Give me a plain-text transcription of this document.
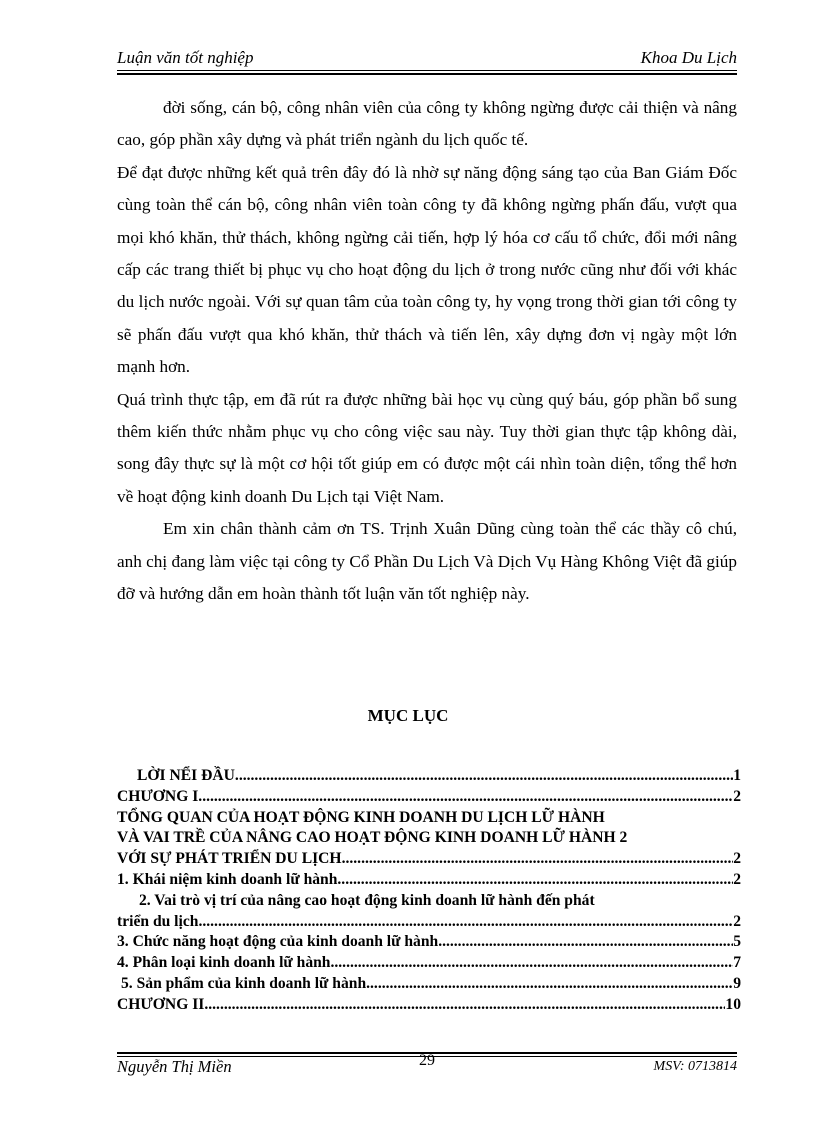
Luận văn tốt nghiệp	Khoa Du Lịch

đời sống, cán bộ, công nhân viên của công ty không ngừng được cải thiện và nâng cao, góp phần xây dựng và phát triển ngành du lịch quốc tế.

Để đạt được những kết quả trên đây đó là nhờ sự năng động sáng tạo của Ban Giám Đốc cùng toàn thể cán bộ, công nhân viên toàn công ty đã không ngừng phấn đấu, vượt qua mọi khó khăn, thử thách, không ngừng cải tiến, hợp lý hóa cơ cấu tổ chức, đổi mới nâng cấp các trang thiết bị phục vụ cho hoạt động du lịch ở trong nước cũng như đối với khác du lịch nước ngoài. Với sự quan tâm của toàn công ty, hy vọng trong thời gian tới công ty sẽ phấn đấu vượt qua khó khăn, thử thách và tiến lên, xây dựng đơn vị ngày một lớn mạnh hơn.

Quá trình thực tập, em đã rút ra được những bài học vụ cùng quý báu, góp phần bổ sung thêm kiến thức nhằm phục vụ cho công việc sau này. Tuy thời gian thực tập không dài, song đây thực sự là một cơ hội tốt giúp em có được một cái nhìn toàn diện, tổng thể hơn về hoạt động kinh doanh Du Lịch tại Việt Nam.

Em xin chân thành cảm ơn TS. Trịnh Xuân Dũng cùng toàn thể các thầy cô chú, anh chị đang làm việc tại công ty Cổ Phần Du Lịch Và Dịch Vụ Hàng Không Việt đã giúp đỡ và hướng dẫn em hoàn thành tốt luận văn tốt nghiệp này.

MỤC LỤC
LỜI NỂI ĐẦU .....	1
CHƯƠNG I .....	2
TỔNG QUAN CỦA HOẠT ĐỘNG KINH DOANH DU LỊCH LỮ HÀNH
VÀ VAI TRỀ CỦA NÂNG CAO HOẠT ĐỘNG KINH DOANH LỮ HÀNH 2
VỚI SỰ PHÁT TRIỂN DU LỊCH .....	2
1. Khái niệm kinh doanh lữ hành .....	2
2. Vai trò vị trí của nâng cao hoạt động kinh doanh lữ hành đến phát
triển du lịch .....	2
3. Chức năng hoạt động của kinh doanh lữ hành .....	5
4. Phân loại kinh doanh lữ hành .....	7
5. Sản phẩm của kinh doanh lữ hành .....	9
CHƯƠNG II .....	10
Nguyễn Thị Miền	29	MSV: 0713814
